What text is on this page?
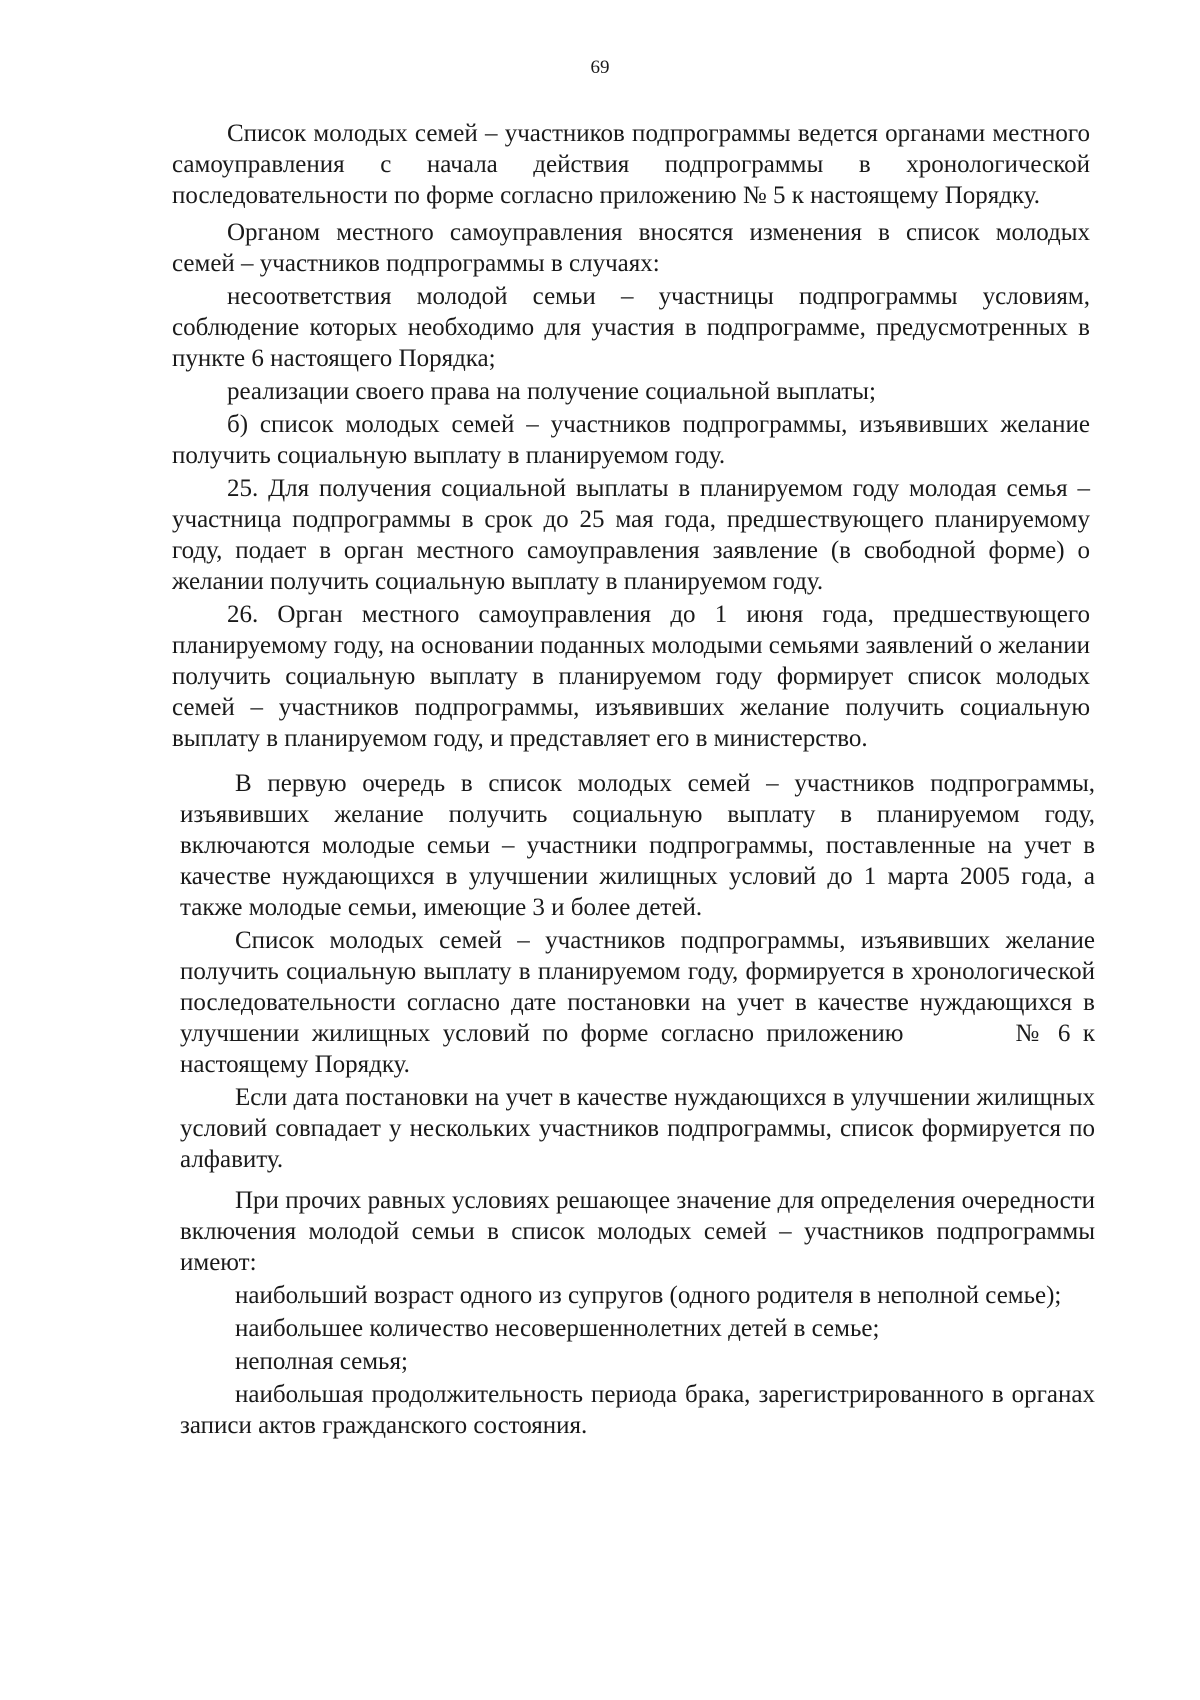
69

Список молодых семей – участников подпрограммы ведется органами местного самоуправления с начала действия подпрограммы в хронологической последовательности по форме согласно приложению № 5 к настоящему Порядку.

Органом местного самоуправления вносятся изменения в список молодых семей – участников подпрограммы в случаях:

несоответствия молодой семьи – участницы подпрограммы условиям, соблюдение которых необходимо для участия в подпрограмме, предусмотренных в пункте 6 настоящего Порядка;

реализации своего права на получение социальной выплаты;

б) список молодых семей – участников подпрограммы, изъявивших желание получить социальную выплату в планируемом году.

25. Для получения социальной выплаты в планируемом году молодая семья – участница подпрограммы в срок до 25 мая года, предшествующего планируемому году, подает в орган местного самоуправления заявление (в свободной форме) о желании получить социальную выплату в планируемом году.

26. Орган местного самоуправления до 1 июня года, предшествующего планируемому году, на основании поданных молодыми семьями заявлений о желании получить социальную выплату в планируемом году формирует список молодых семей – участников подпрограммы, изъявивших желание получить социальную выплату в планируемом году, и представляет его в министерство.

В первую очередь в список молодых семей – участников подпрограммы, изъявивших желание получить социальную выплату в планируемом году, включаются молодые семьи – участники подпрограммы, поставленные на учет в качестве нуждающихся в улучшении жилищных условий до 1 марта 2005 года, а также молодые семьи, имеющие 3 и более детей.

Список молодых семей – участников подпрограммы, изъявивших желание получить социальную выплату в планируемом году, формируется в хронологической последовательности согласно дате постановки на учет в качестве нуждающихся в улучшении жилищных условий по форме согласно приложению         № 6 к настоящему Порядку.

Если дата постановки на учет в качестве нуждающихся в улучшении жилищных условий совпадает у нескольких участников подпрограммы, список формируется по алфавиту.

При прочих равных условиях решающее значение для определения очередности включения молодой семьи в список молодых семей – участников подпрограммы имеют:

наибольший возраст одного из супругов (одного родителя в неполной семье);

наибольшее количество несовершеннолетних детей в семье;

неполная семья;

наибольшая продолжительность периода брака, зарегистрированного в органах записи актов гражданского состояния.
